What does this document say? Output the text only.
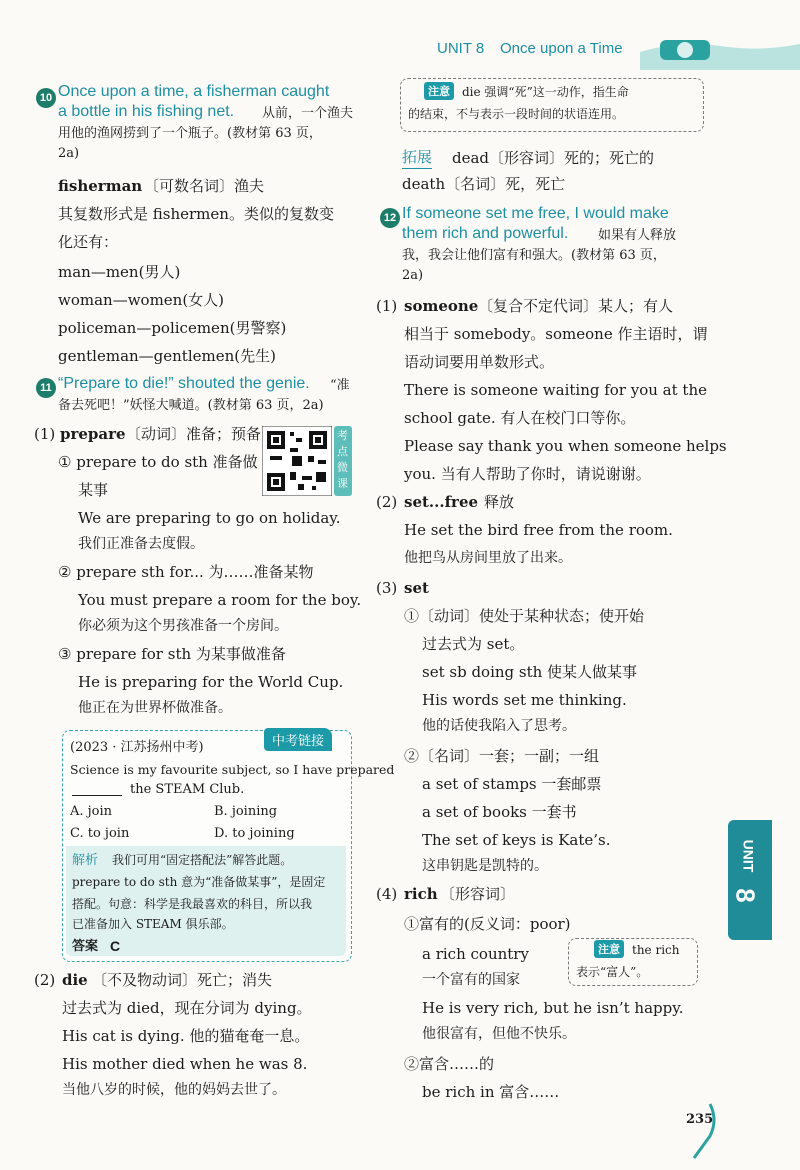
UNIT 8 Once upon a Time
UNIT
8
10 Once upon a time, a fisherman caught
a bottle in his fishing net. 从前，一个渔夫
用他的渔网捞到了一个瓶子。(教材第 63 页，
2a)
fisherman 〔可数名词〕渔夫
其复数形式是 fishermen。类似的复数变
化还有：
man—men(男人)
woman—women(女人)
policeman—policemen(男警察)
gentleman—gentlemen(先生)
11 “Prepare to die!” shouted the genie. “准
备去死吧！”妖怪大喊道。(教材第 63 页，2a)
(1) prepare 〔动词〕准备；预备	考点微课
① prepare to do sth 准备做
某事
We are preparing to go on holiday.
我们正准备去度假。
② prepare sth for... 为……准备某物
You must prepare a room for the boy.
你必须为这个男孩准备一个房间。
③ prepare for sth 为某事做准备
He is preparing for the World Cup.
他正在为世界杯做准备。
中考链接
(2023 · 江苏扬州中考)
Science is my favourite subject, so I have prepared
the STEAM Club.
A. join	B. joining
C. to join	D. to joining
解析 我们可用“固定搭配法”解答此题。
prepare to do sth 意为“准备做某事”，是固定
搭配。句意：科学是我最喜欢的科目，所以我
已准备加入 STEAM 俱乐部。
答案 C
(2) die 〔不及物动词〕死亡；消失
过去式为 died，现在分词为 dying。
His cat is dying. 他的猫奄奄一息。
His mother died when he was 8.
当他八岁的时候，他的妈妈去世了。
注意	die 强调“死”这一动作，指生命
的结束，不与表示一段时间的状语连用。
拓展 dead〔形容词〕死的；死亡的
death〔名词〕死，死亡
12 If someone set me free, I would make
them rich and powerful. 如果有人释放
我，我会让他们富有和强大。(教材第 63 页，
2a)
(1) someone 〔复合不定代词〕某人；有人
相当于 somebody。someone 作主语时，谓
语动词要用单数形式。
There is someone waiting for you at the
school gate. 有人在校门口等你。
Please say thank you when someone helps
you. 当有人帮助了你时，请说谢谢。
(2) set...free 释放
He set the bird free from the room.
他把鸟从房间里放了出来。
(3) set
①〔动词〕使处于某种状态；使开始
过去式为 set。
set sb doing sth 使某人做某事
His words set me thinking.
他的话使我陷入了思考。
②〔名词〕一套；一副；一组
a set of stamps 一套邮票
a set of books 一套书
The set of keys is Kate’s.
这串钥匙是凯特的。
(4) rich 〔形容词〕
①富有的(反义词：poor)
a rich country
一个富有的国家
注意	the rich
表示“富人”。
He is very rich, but he isn’t happy.
他很富有，但他不快乐。
②富含……的
be rich in 富含……
235
